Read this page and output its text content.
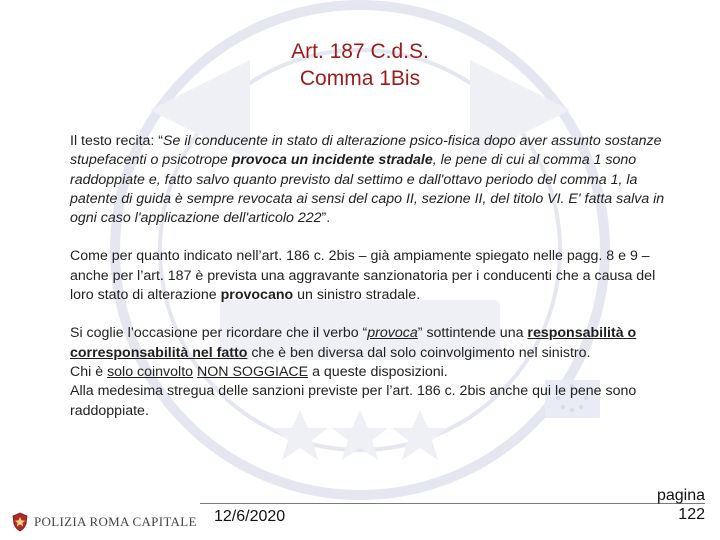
Art. 187 C.d.S.
Comma 1Bis

Il testo recita: “Se il conducente in stato di alterazione psico-fisica dopo aver assunto sostanze stupefacenti o psicotrope provoca un incidente stradale, le pene di cui al comma 1 sono raddoppiate e, fatto salvo quanto previsto dal settimo e dall'ottavo periodo del comma 1, la patente di guida è sempre revocata ai sensi del capo II, sezione II, del titolo VI. E' fatta salva in ogni caso l'applicazione dell'articolo 222”.

Come per quanto indicato nell’art. 186 c. 2bis – già ampiamente spiegato nelle pagg. 8 e 9 – anche per l’art. 187 è prevista una aggravante sanzionatoria per i conducenti che a causa del loro stato di alterazione provocano un sinistro stradale.

Si coglie l’occasione per ricordare che il verbo “provoca” sottintende una responsabilità o corresponsabilità nel fatto che è ben diversa dal solo coinvolgimento nel sinistro.

Chi è solo coinvolto NON SOGGIACE a queste disposizioni.

Alla medesima stregua delle sanzioni previste per l’art. 186 c. 2bis anche qui le pene sono raddoppiate.

POLIZIA ROMA CAPITALE 12/6/2020
pagina
122
